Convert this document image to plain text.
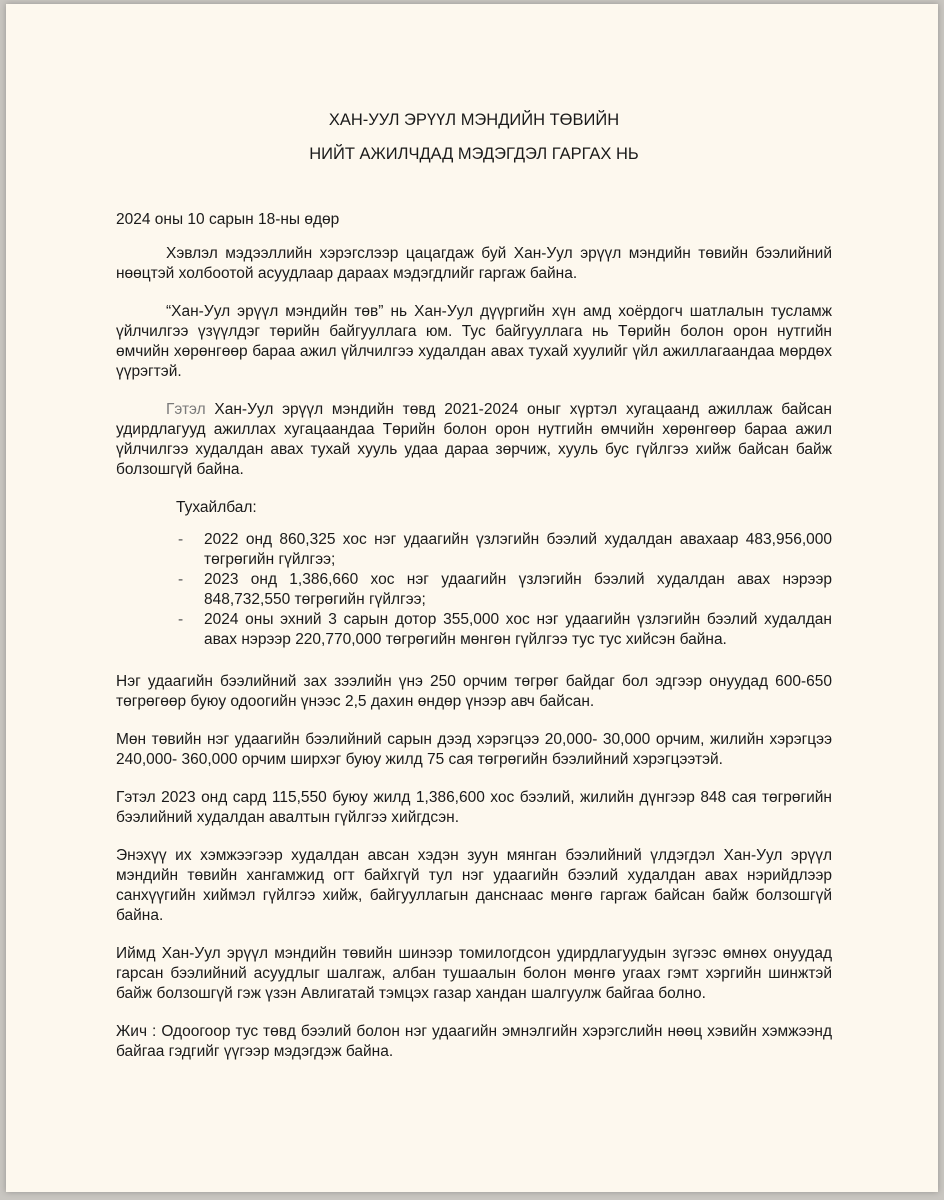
ХАН-УУЛ ЭРҮҮЛ МЭНДИЙН ТӨВИЙН

НИЙТ АЖИЛЧДАД МЭДЭГДЭЛ ГАРГАХ НЬ

2024 оны 10 сарын 18-ны өдөр

Хэвлэл мэдээллийн хэрэгслээр цацагдаж буй Хан-Уул эрүүл мэндийн төвийн бээлийний нөөцтэй холбоотой асуудлаар дараах мэдэгдлийг гаргаж байна.

“Хан-Уул эрүүл мэндийн төв” нь Хан-Уул дүүргийн хүн амд хоёрдогч шатлалын тусламж үйлчилгээ үзүүлдэг төрийн байгууллага юм. Тус байгууллага нь Төрийн болон орон нутгийн өмчийн хөрөнгөөр бараа ажил үйлчилгээ худалдан авах тухай хуулийг үйл ажиллагаандаа мөрдөх үүрэгтэй.

Гэтэл Хан-Уул эрүүл мэндийн төвд 2021-2024 оныг хүртэл хугацаанд ажиллаж байсан удирдлагууд ажиллах хугацаандаа Төрийн болон орон нутгийн өмчийн хөрөнгөөр бараа ажил үйлчилгээ худалдан авах тухай хууль удаа дараа зөрчиж, хууль бус гүйлгээ хийж байсан байж болзошгүй байна.

Тухайлбал:

- 2022 онд 860,325 хос нэг удаагийн үзлэгийн бээлий худалдан авахаар 483,956,000 төгрөгийн гүйлгээ;
- 2023 онд 1,386,660 хос нэг удаагийн үзлэгийн бээлий худалдан авах нэрээр 848,732,550 төгрөгийн гүйлгээ;
- 2024 оны эхний 3 сарын дотор 355,000 хос нэг удаагийн үзлэгийн бээлий худалдан авах нэрээр 220,770,000 төгрөгийн мөнгөн гүйлгээ тус тус хийсэн байна.

Нэг удаагийн бээлийний зах зээлийн үнэ 250 орчим төгрөг байдаг бол эдгээр онуудад 600-650 төгрөгөөр буюу одоогийн үнээс 2,5 дахин өндөр үнээр авч байсан.

Мөн төвийн нэг удаагийн бээлийний сарын дээд хэрэгцээ 20,000- 30,000 орчим, жилийн хэрэгцээ 240,000- 360,000 орчим ширхэг буюу жилд 75 сая төгрөгийн бээлийний хэрэгцээтэй.

Гэтэл 2023 онд сард 115,550 буюу жилд 1,386,600 хос бээлий, жилийн дүнгээр 848 сая төгрөгийн бээлийний худалдан авалтын гүйлгээ хийгдсэн.

Энэхүү их хэмжээгээр худалдан авсан хэдэн зуун мянган бээлийний үлдэгдэл Хан-Уул эрүүл мэндийн төвийн хангамжид огт байхгүй тул нэг удаагийн бээлий худалдан авах нэрийдлээр санхүүгийн хиймэл гүйлгээ хийж, байгууллагын данснаас мөнгө гаргаж байсан байж болзошгүй байна.

Иймд Хан-Уул эрүүл мэндийн төвийн шинээр томилогдсон удирдлагуудын зүгээс өмнөх онуудад гарсан бээлийний асуудлыг шалгаж, албан тушаалын болон мөнгө угаах гэмт хэргийн шинжтэй байж болзошгүй гэж үзэн Авлигатай тэмцэх газар хандан шалгуулж байгаа болно.

Жич : Одоогоор тус төвд бээлий болон нэг удаагийн эмнэлгийн хэрэгслийн нөөц хэвийн хэмжээнд байгаа гэдгийг үүгээр мэдэгдэж байна.
